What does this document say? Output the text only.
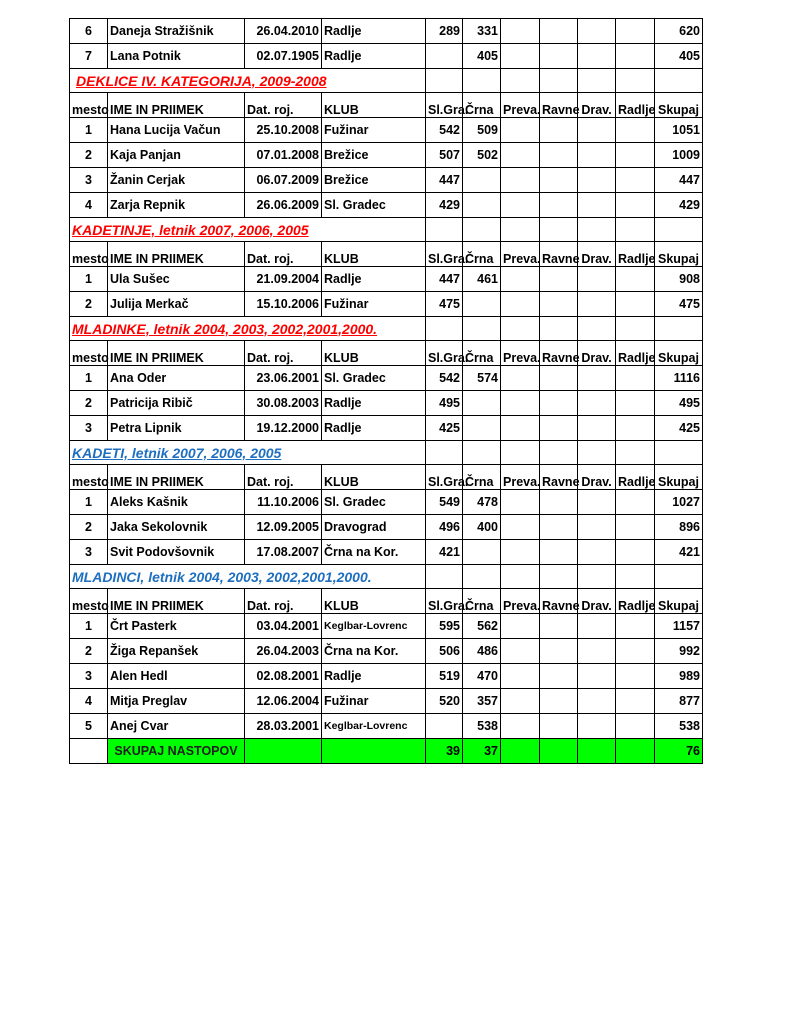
6	Daneja Stražišnik	26.04.2010	Radlje	289	331					620
7	Lana Potnik	02.07.1905	Radlje		405					405
DEKLICE IV. KATEGORIJA, 2009-2008										
mesto	IME IN PRIIMEK	Dat. roj.	KLUB	Sl.Gra.	Črna	Preva.	Ravne	Drav.	Radlje	Skupaj
1	Hana Lucija Vačun	25.10.2008	Fužinar	542	509					1051
2	Kaja Panjan	07.01.2008	Brežice	507	502					1009
3	Žanin Cerjak	06.07.2009	Brežice	447						447
4	Zarja Repnik	26.06.2009	Sl. Gradec	429						429
KADETINJE, letnik 2007, 2006, 2005										
mesto	IME IN PRIIMEK	Dat. roj.	KLUB	Sl.Gra.	Črna	Preva.	Ravne	Drav.	Radlje	Skupaj
1	Ula Sušec	21.09.2004	Radlje	447	461					908
2	Julija Merkač	15.10.2006	Fužinar	475						475
MLADINKE, letnik 2004, 2003, 2002,2001,2000.										
mesto	IME IN PRIIMEK	Dat. roj.	KLUB	Sl.Gra.	Črna	Preva.	Ravne	Drav.	Radlje	Skupaj
1	Ana Oder	23.06.2001	Sl. Gradec	542	574					1116
2	Patricija Ribič	30.08.2003	Radlje	495						495
3	Petra Lipnik	19.12.2000	Radlje	425						425
KADETI, letnik 2007, 2006, 2005										
mesto	IME IN PRIIMEK	Dat. roj.	KLUB	Sl.Gra.	Črna	Preva.	Ravne	Drav.	Radlje	Skupaj
1	Aleks Kašnik	11.10.2006	Sl. Gradec	549	478					1027
2	Jaka Sekolovnik	12.09.2005	Dravograd	496	400					896
3	Svit Podovšovnik	17.08.2007	Črna na Kor.	421						421
MLADINCI, letnik 2004, 2003, 2002,2001,2000.										
mesto	IME IN PRIIMEK	Dat. roj.	KLUB	Sl.Gra.	Črna	Preva.	Ravne	Drav.	Radlje	Skupaj
1	Črt Pasterk	03.04.2001	Keglbar-Lovrenc	595	562					1157
2	Žiga Repanšek	26.04.2003	Črna na Kor.	506	486					992
3	Alen Hedl	02.08.2001	Radlje	519	470					989
4	Mitja Preglav	12.06.2004	Fužinar	520	357					877
5	Anej Cvar	28.03.2001	Keglbar-Lovrenc		538					538
	SKUPAJ NASTOPOV			39	37					76
